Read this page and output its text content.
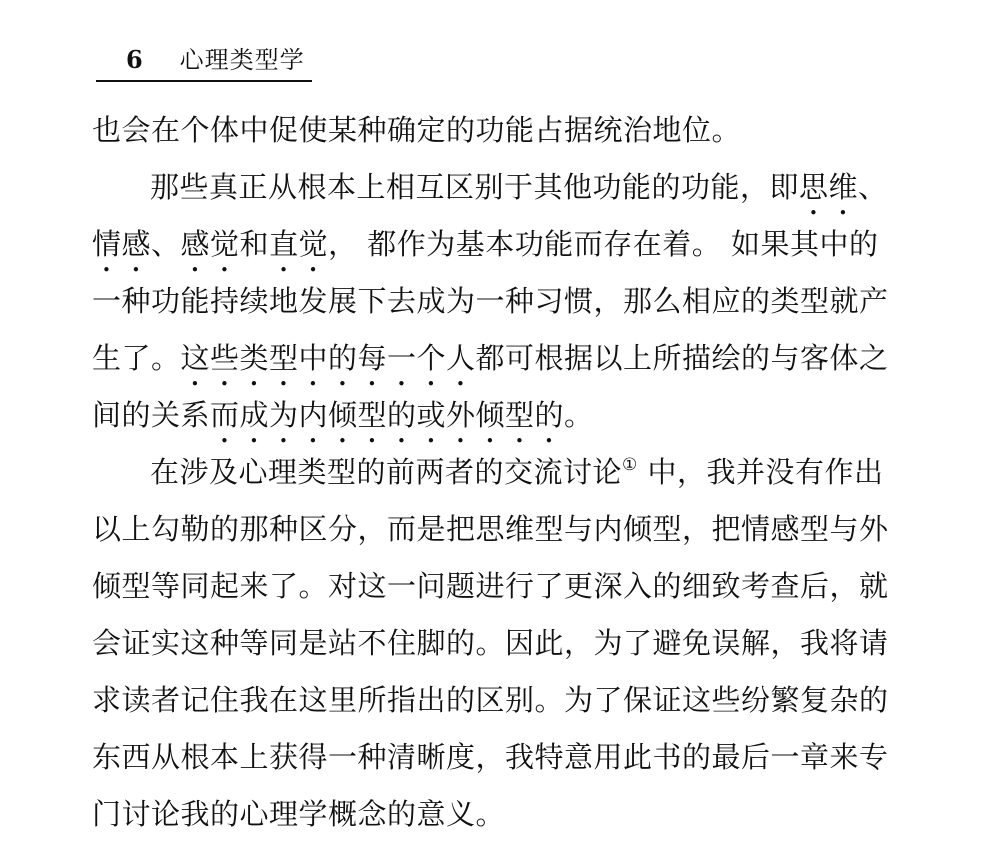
6 心理类型学
也会在个体中促使某种确定的功能占据统治地位。
那些真正从根本上相互区别于其他功能的功能，即思维、
情感、感觉和直觉， 都作为基本功能而存在着。 如果其中的
一种功能持续地发展下去成为一种习惯，那么相应的类型就产
生了。这些类型中的每一个人都可根据以上所描绘的与客体之
间的关系而成为内倾型的或外倾型的。
在涉及心理类型的前两者的交流讨论① 中，我并没有作出
以上勾勒的那种区分，而是把思维型与内倾型，把情感型与外
倾型等同起来了。对这一问题进行了更深入的细致考查后，就
会证实这种等同是站不住脚的。因此，为了避免误解，我将请
求读者记住我在这里所指出的区别。为了保证这些纷繁复杂的
东西从根本上获得一种清晰度，我特意用此书的最后一章来专
门讨论我的心理学概念的意义。
